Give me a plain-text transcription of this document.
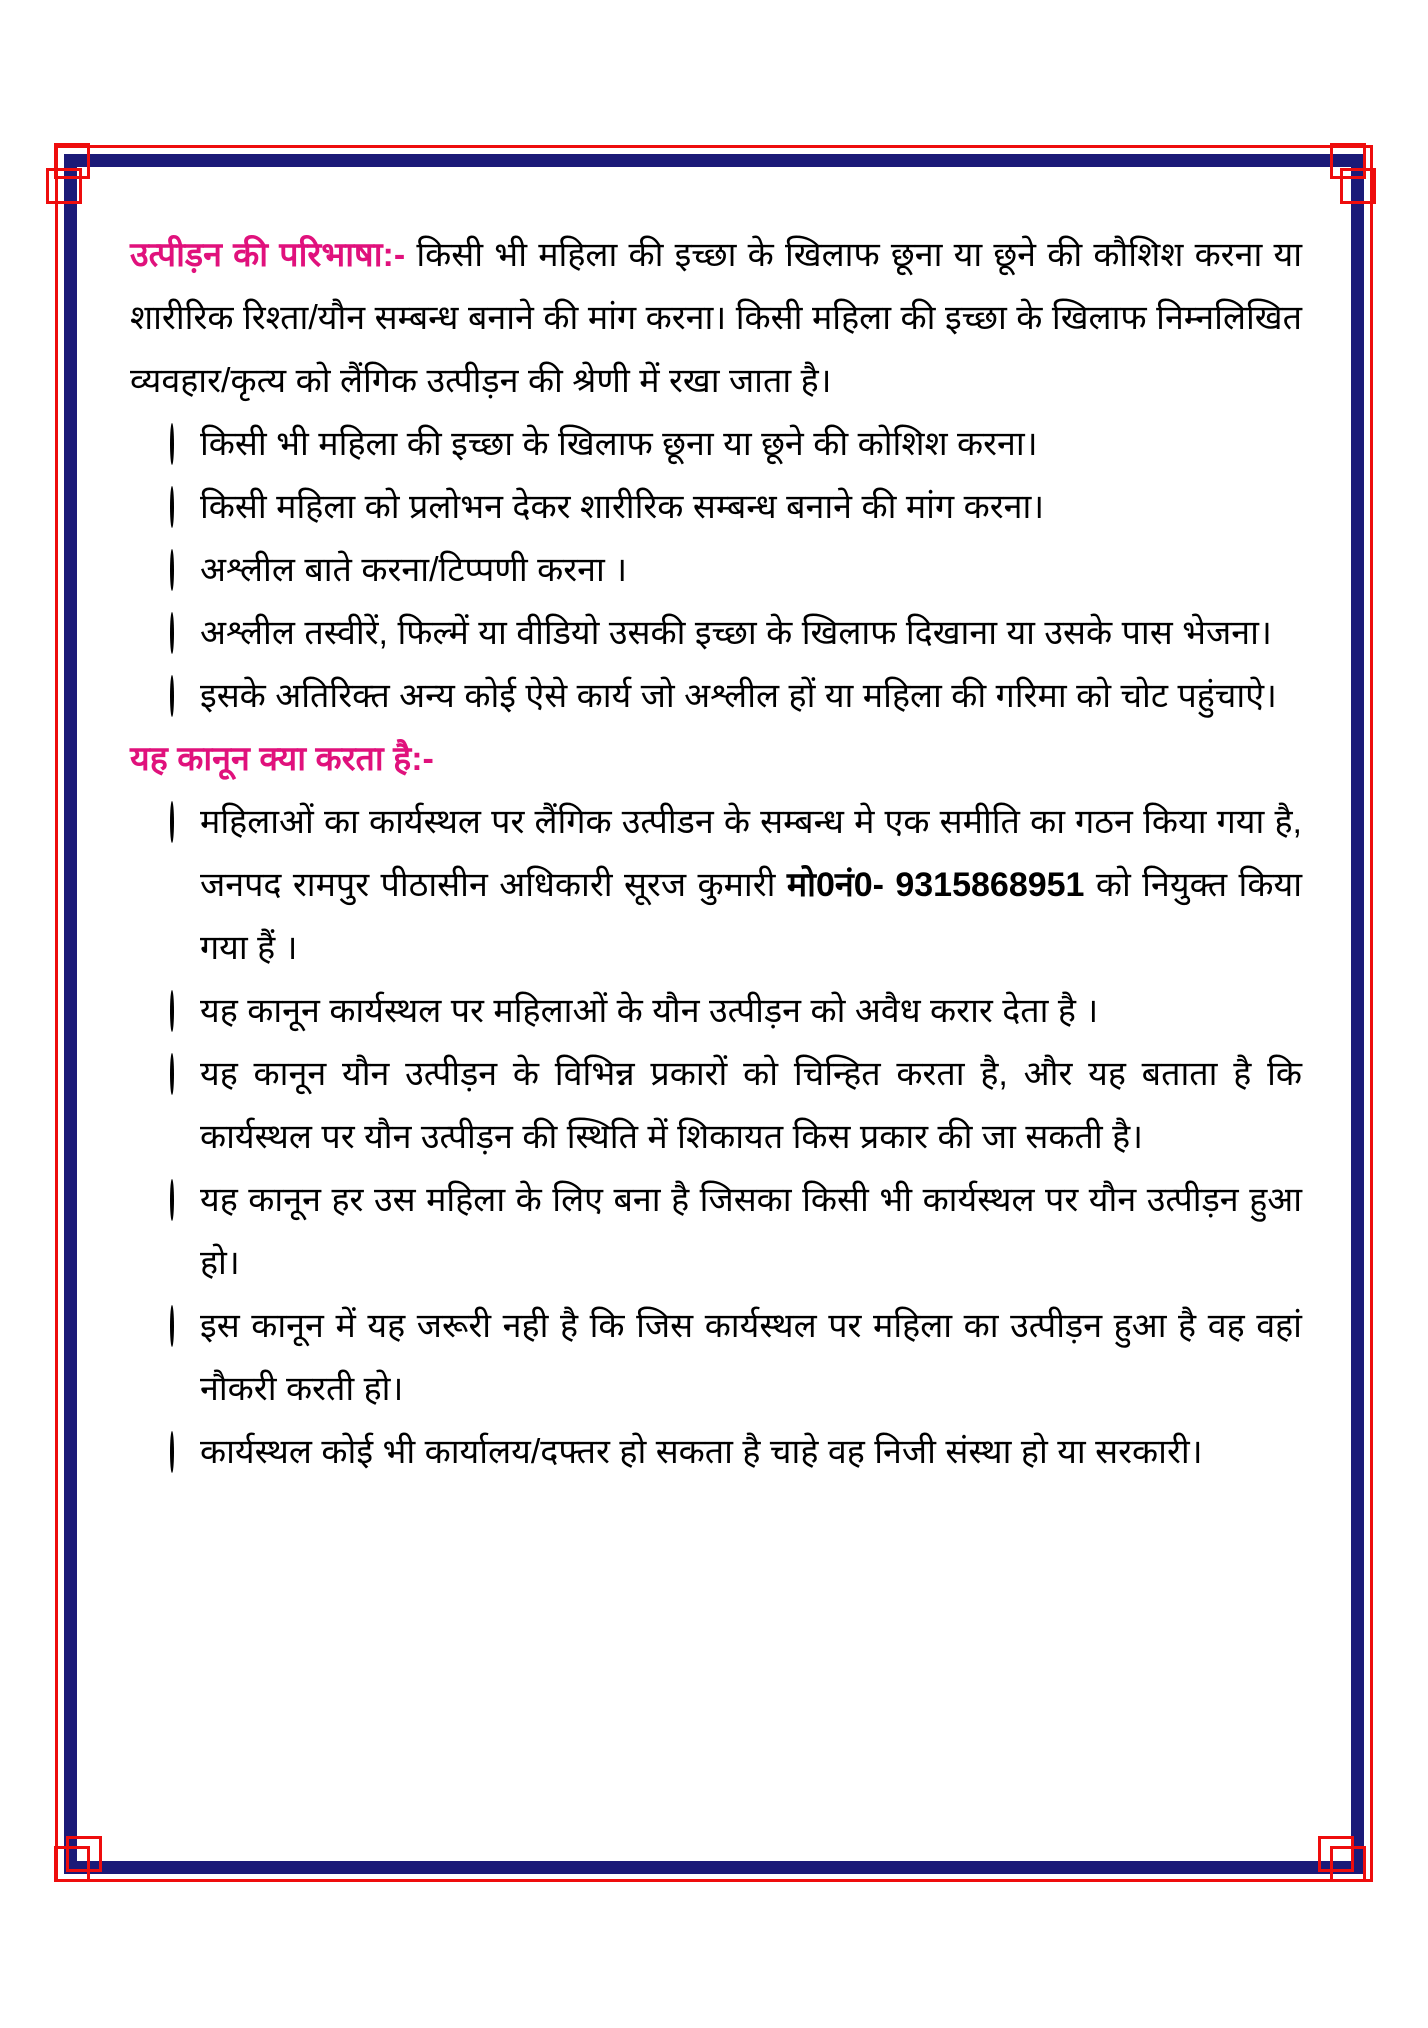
उत्पीड़न की परिभाषा:- किसी भी महिला की इच्छा के खिलाफ छूना या छूने की कौशिश करना या शारीरिक रिश्ता/यौन सम्बन्ध बनाने की मांग करना। किसी महिला की इच्छा के खिलाफ निम्नलिखित व्यवहार/कृत्य को लैंगिक उत्पीड़न की श्रेणी में रखा जाता है।

किसी भी महिला की इच्छा के खिलाफ छूना या छूने की कोशिश करना।
किसी महिला को प्रलोभन देकर शारीरिक सम्बन्ध बनाने की मांग करना।
अश्लील बाते करना/टिप्पणी करना ।
अश्लील तस्वीरें, फिल्में या वीडियो उसकी इच्छा के खिलाफ दिखाना या उसके पास भेजना।
इसके अतिरिक्त अन्य कोई ऐसे कार्य जो अश्लील हों या महिला की गरिमा को चोट पहुंचाऐ।
यह कानून क्या करता है:-
महिलाओं का कार्यस्थल पर लैंगिक उत्पीडन के सम्बन्ध मे एक समीति का गठन किया गया है, जनपद रामपुर पीठासीन अधिकारी सूरज कुमारी मो0नं0- 9315868951 को नियुक्त किया गया हैं ।
यह कानून कार्यस्थल पर महिलाओं के यौन उत्पीड़न को अवैध करार देता है ।
यह कानून यौन उत्पीड़न के विभिन्न प्रकारों को चिन्हित करता है, और यह बताता है कि कार्यस्थल पर यौन उत्पीड़न की स्थिति में शिकायत किस प्रकार की जा सकती है।
यह कानून हर उस महिला के लिए बना है जिसका किसी भी कार्यस्थल पर यौन उत्पीड़न हुआ हो।
इस कानून में यह जरूरी नही है कि जिस कार्यस्थल पर महिला का उत्पीड़न हुआ है वह वहां नौकरी करती हो।
कार्यस्थल कोई भी कार्यालय/दफ्तर हो सकता है चाहे वह निजी संस्था हो या सरकारी।
